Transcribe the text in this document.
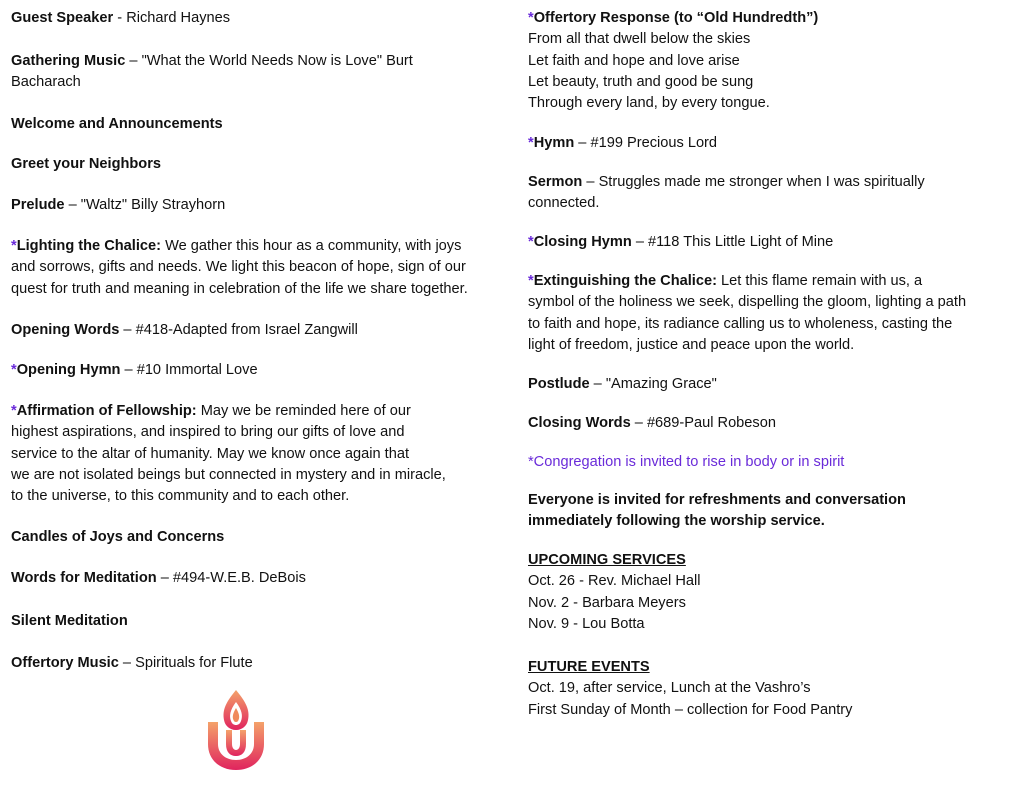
Guest Speaker - Richard Haynes

Gathering Music – "What the World Needs Now is Love" Burt

Bacharach

Welcome and Announcements

Greet your Neighbors

Prelude – "Waltz" Billy Strayhorn

*Lighting the Chalice: We gather this hour as a community, with joys

and sorrows, gifts and needs. We light this beacon of hope, sign of our

quest for truth and meaning in celebration of the life we share together.

Opening Words – #418-Adapted from Israel Zangwill

*Opening Hymn – #10 Immortal Love

*Affirmation of Fellowship: May we be reminded here of our

highest aspirations, and inspired to bring our gifts of love and

service to the altar of humanity. May we know once again that

we are not isolated beings but connected in mystery and in miracle,

to the universe, to this community and to each other.

Candles of Joys and Concerns

Words for Meditation – #494-W.E.B. DeBois

Silent Meditation

Offertory Music – Spirituals for Flute

*Offertory Response (to “Old Hundredth”)

From all that dwell below the skies

Let faith and hope and love arise

Let beauty, truth and good be sung

Through every land, by every tongue.

*Hymn – #199 Precious Lord

Sermon – Struggles made me stronger when I was spiritually

connected.

*Closing Hymn – #118 This Little Light of Mine

*Extinguishing the Chalice: Let this flame remain with us, a

symbol of the holiness we seek, dispelling the gloom, lighting a path

to faith and hope, its radiance calling us to wholeness, casting the

light of freedom, justice and peace upon the world.

Postlude – "Amazing Grace"

Closing Words – #689-Paul Robeson

*Congregation is invited to rise in body or in spirit

Everyone is invited for refreshments and conversation

immediately following the worship service.

UPCOMING SERVICES

Oct. 26 - Rev. Michael Hall

Nov. 2 - Barbara Meyers

Nov. 9 - Lou Botta

FUTURE EVENTS

Oct. 19, after service, Lunch at the Vashro’s

First Sunday of Month – collection for Food Pantry
